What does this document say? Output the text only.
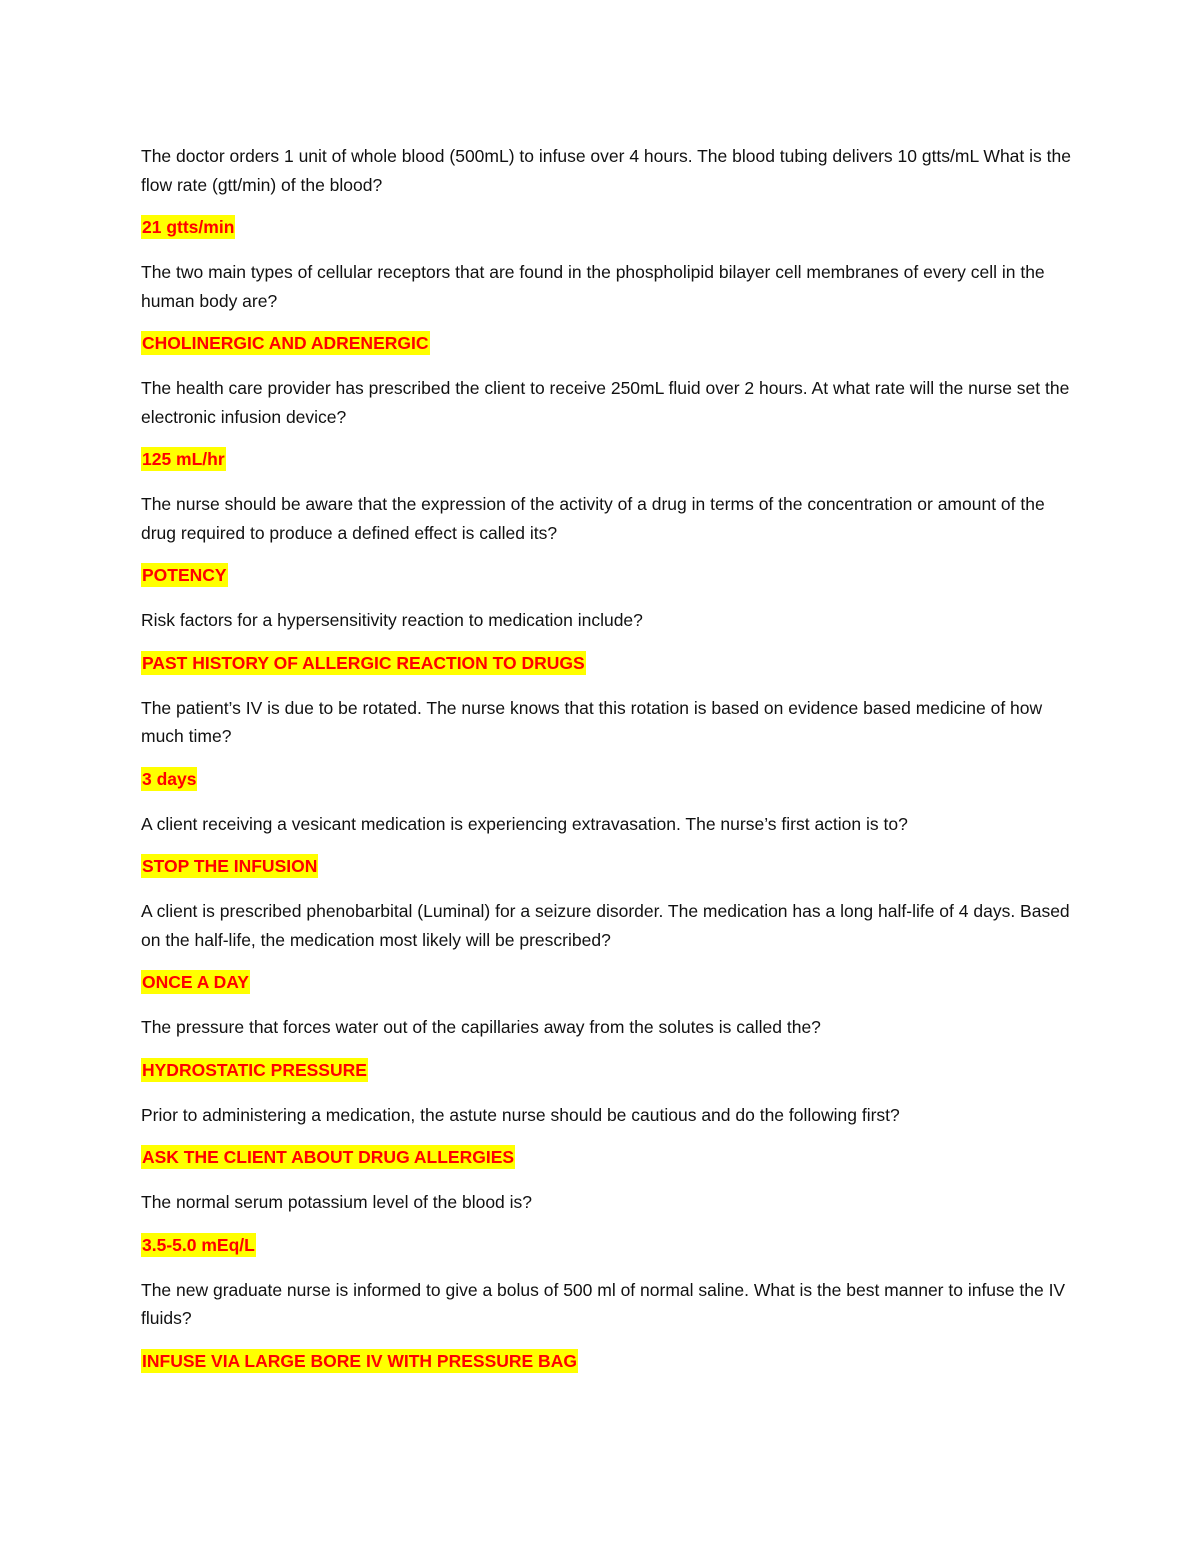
The doctor orders 1 unit of whole blood (500mL) to infuse over 4 hours. The blood tubing delivers 10 gtts/mL What is the flow rate (gtt/min) of the blood?

21 gtts/min

The two main types of cellular receptors that are found in the phospholipid bilayer cell membranes of every cell in the human body are?

CHOLINERGIC AND ADRENERGIC

The health care provider has prescribed the client to receive 250mL fluid over 2 hours. At what rate will the nurse set the electronic infusion device?

125 mL/hr

The nurse should be aware that the expression of the activity of a drug in terms of the concentration or amount of the drug required to produce a defined effect is called its?

POTENCY

Risk factors for a hypersensitivity reaction to medication include?

PAST HISTORY OF ALLERGIC REACTION TO DRUGS

The patient’s IV is due to be rotated. The nurse knows that this rotation is based on evidence based medicine of how much time?

3 days

A client receiving a vesicant medication is experiencing extravasation. The nurse’s first action is to?

STOP THE INFUSION

A client is prescribed phenobarbital (Luminal) for a seizure disorder. The medication has a long half-life of 4 days. Based on the half-life, the medication most likely will be prescribed?

ONCE A DAY

The pressure that forces water out of the capillaries away from the solutes is called the?

HYDROSTATIC PRESSURE

Prior to administering a medication, the astute nurse should be cautious and do the following first?

ASK THE CLIENT ABOUT DRUG ALLERGIES

The normal serum potassium level of the blood is?

3.5-5.0 mEq/L

The new graduate nurse is informed to give a bolus of 500 ml of normal saline. What is the best manner to infuse the IV fluids?

INFUSE VIA LARGE BORE IV WITH PRESSURE BAG
